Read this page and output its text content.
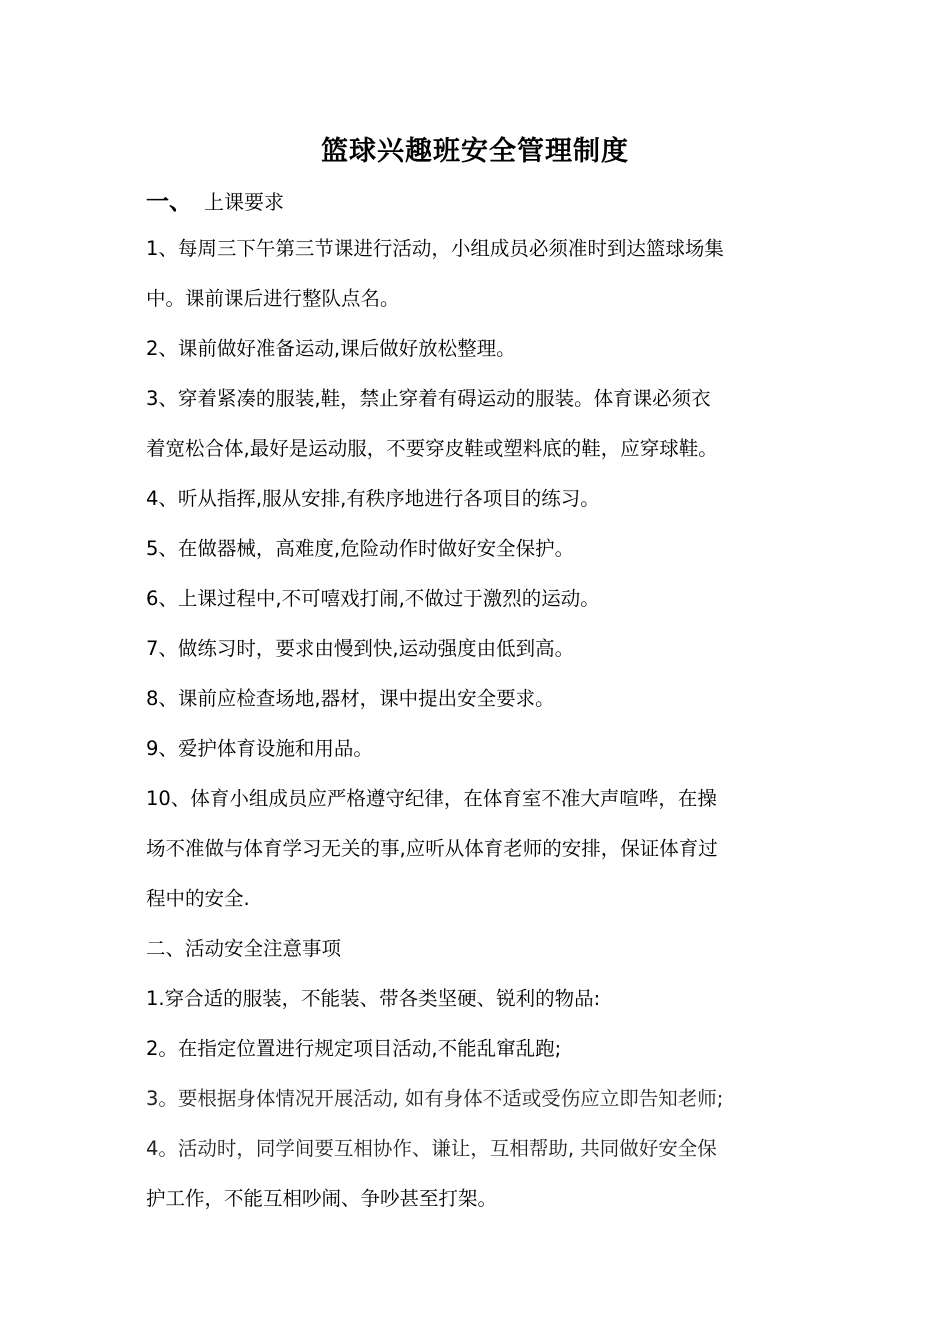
篮球兴趣班安全管理制度
一、 上课要求
1、每周三下午第三节课进行活动，小组成员必须准时到达篮球场集
中。课前课后进行整队点名。
2、课前做好准备运动,课后做好放松整理。
3、穿着紧凑的服装,鞋，禁止穿着有碍运动的服装。体育课必须衣
着宽松合体,最好是运动服，不要穿皮鞋或塑料底的鞋，应穿球鞋。
4、听从指挥,服从安排,有秩序地进行各项目的练习。
5、在做器械，高难度,危险动作时做好安全保护。
6、上课过程中,不可嘻戏打闹,不做过于激烈的运动。
7、做练习时，要求由慢到快,运动强度由低到高。
8、课前应检查场地,器材，课中提出安全要求。
9、爱护体育设施和用品。
10、体育小组成员应严格遵守纪律，在体育室不准大声喧哗，在操
场不准做与体育学习无关的事,应听从体育老师的安排，保证体育过
程中的安全.
二、活动安全注意事项
1.穿合适的服装，不能装、带各类坚硬、锐利的物品:
2。在指定位置进行规定项目活动,不能乱窜乱跑;
3。要根据身体情况开展活动, 如有身体不适或受伤应立即告知老师;
4。活动时，同学间要互相协作、谦让，互相帮助, 共同做好安全保
护工作，不能互相吵闹、争吵甚至打架。
